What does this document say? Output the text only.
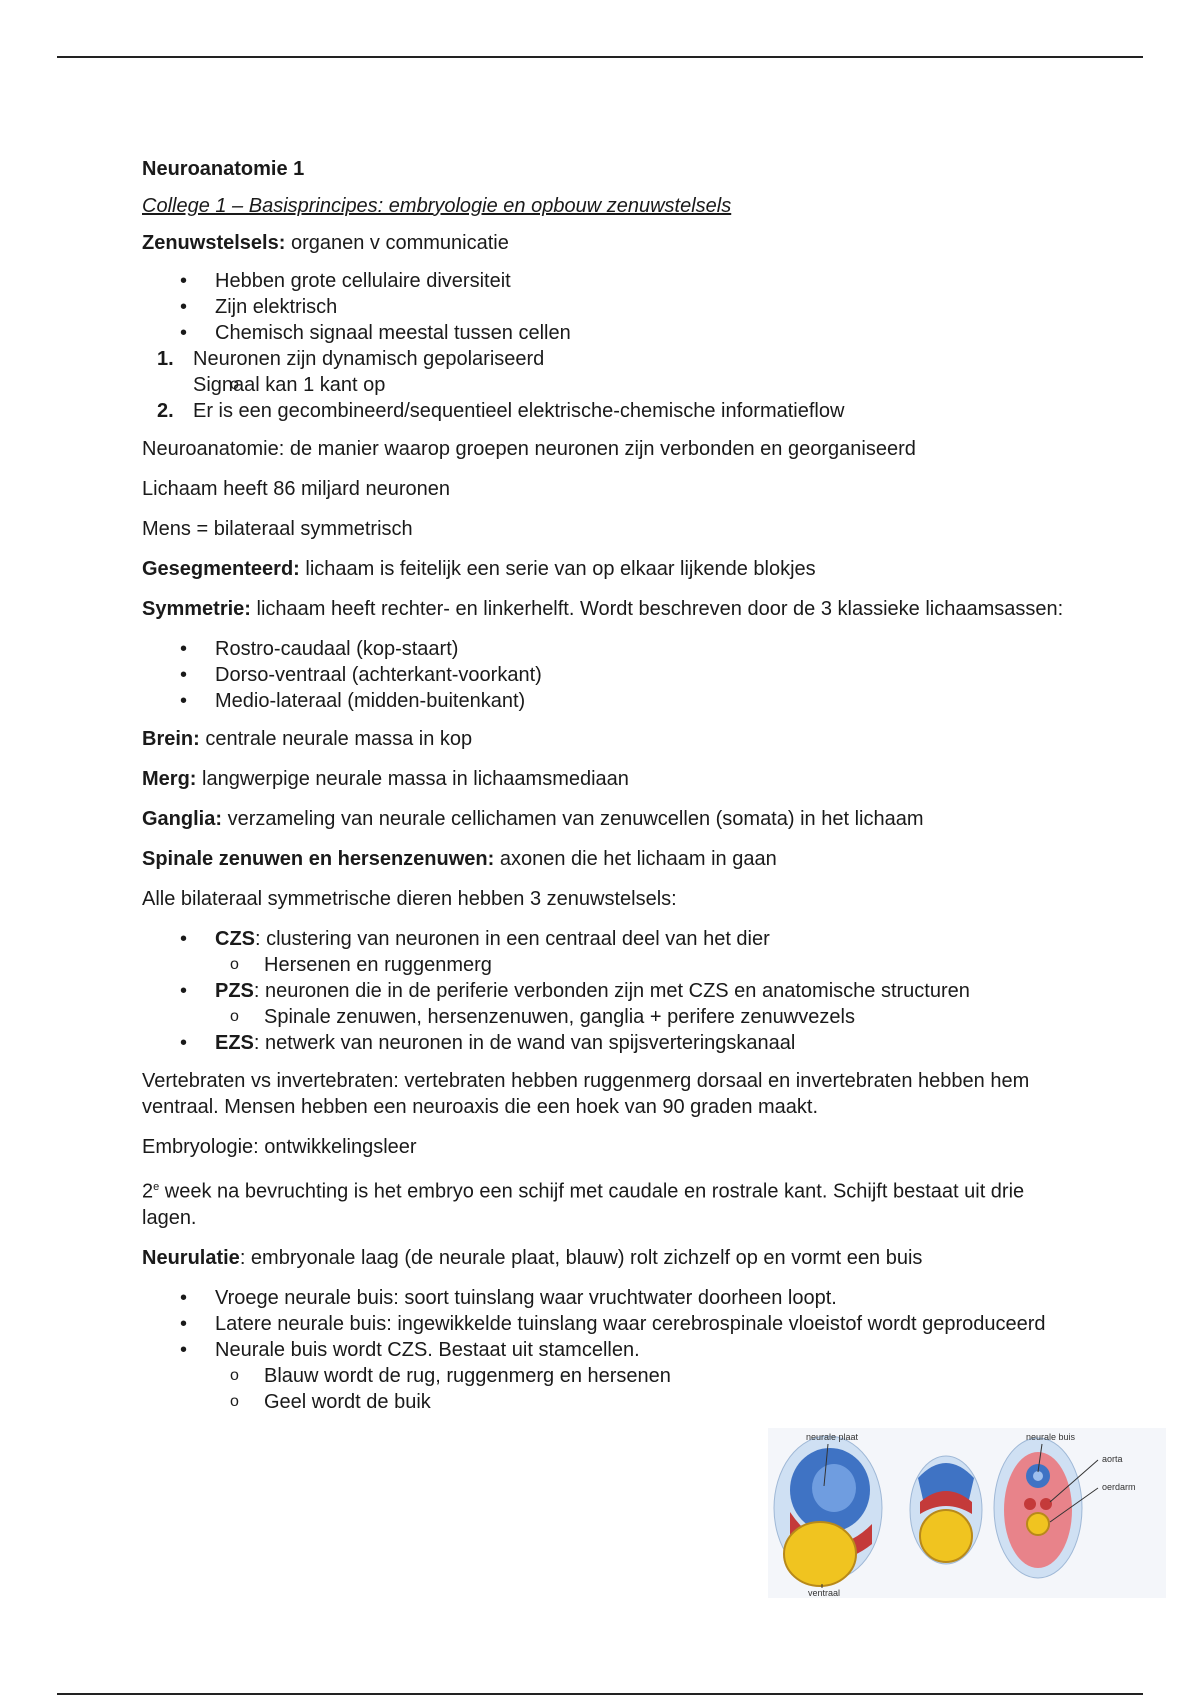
Neuroanatomie 1
College 1 – Basisprincipes: embryologie en opbouw zenuwstelsels
Zenuwstelsels: organen v communicatie
• Hebben grote cellulaire diversiteit
• Zijn elektrisch
• Chemisch signaal meestal tussen cellen
1. Neuronen zijn dynamisch gepolariseerd
o Signaal kan 1 kant op
2. Er is een gecombineerd/sequentieel elektrische-chemische informatieflow
Neuroanatomie: de manier waarop groepen neuronen zijn verbonden en georganiseerd
Lichaam heeft 86 miljard neuronen
Mens = bilateraal symmetrisch
Gesegmenteerd: lichaam is feitelijk een serie van op elkaar lijkende blokjes
Symmetrie: lichaam heeft rechter- en linkerhelft. Wordt beschreven door de 3 klassieke lichaamsassen:
• Rostro-caudaal (kop-staart)
• Dorso-ventraal (achterkant-voorkant)
• Medio-lateraal (midden-buitenkant)
Brein: centrale neurale massa in kop
Merg: langwerpige neurale massa in lichaamsmediaan
Ganglia: verzameling van neurale cellichamen van zenuwcellen (somata) in het lichaam
Spinale zenuwen en hersenzenuwen: axonen die het lichaam in gaan
Alle bilateraal symmetrische dieren hebben 3 zenuwstelsels:
• CZS: clustering van neuronen in een centraal deel van het dier
o Hersenen en ruggenmerg
• PZS: neuronen die in de periferie verbonden zijn met CZS en anatomische structuren
o Spinale zenuwen, hersenzenuwen, ganglia + perifere zenuwvezels
• EZS: netwerk van neuronen in de wand van spijsverteringskanaal
Vertebraten vs invertebraten: vertebraten hebben ruggenmerg dorsaal en invertebraten hebben hem ventraal. Mensen hebben een neuroaxis die een hoek van 90 graden maakt.
Embryologie: ontwikkelingsleer
2e week na bevruchting is het embryo een schijf met caudale en rostrale kant. Schijft bestaat uit drie lagen.
Neurulatie: embryonale laag (de neurale plaat, blauw) rolt zichzelf op en vormt een buis
• Vroege neurale buis: soort tuinslang waar vruchtwater doorheen loopt.
• Latere neurale buis: ingewikkelde tuinslang waar cerebrospinale vloeistof wordt geproduceerd
• Neurale buis wordt CZS. Bestaat uit stamcellen.
o Blauw wordt de rug, ruggenmerg en hersenen
o Geel wordt de buik
neurale plaat	neurale buis
aorta
oerdarm
ventraal
